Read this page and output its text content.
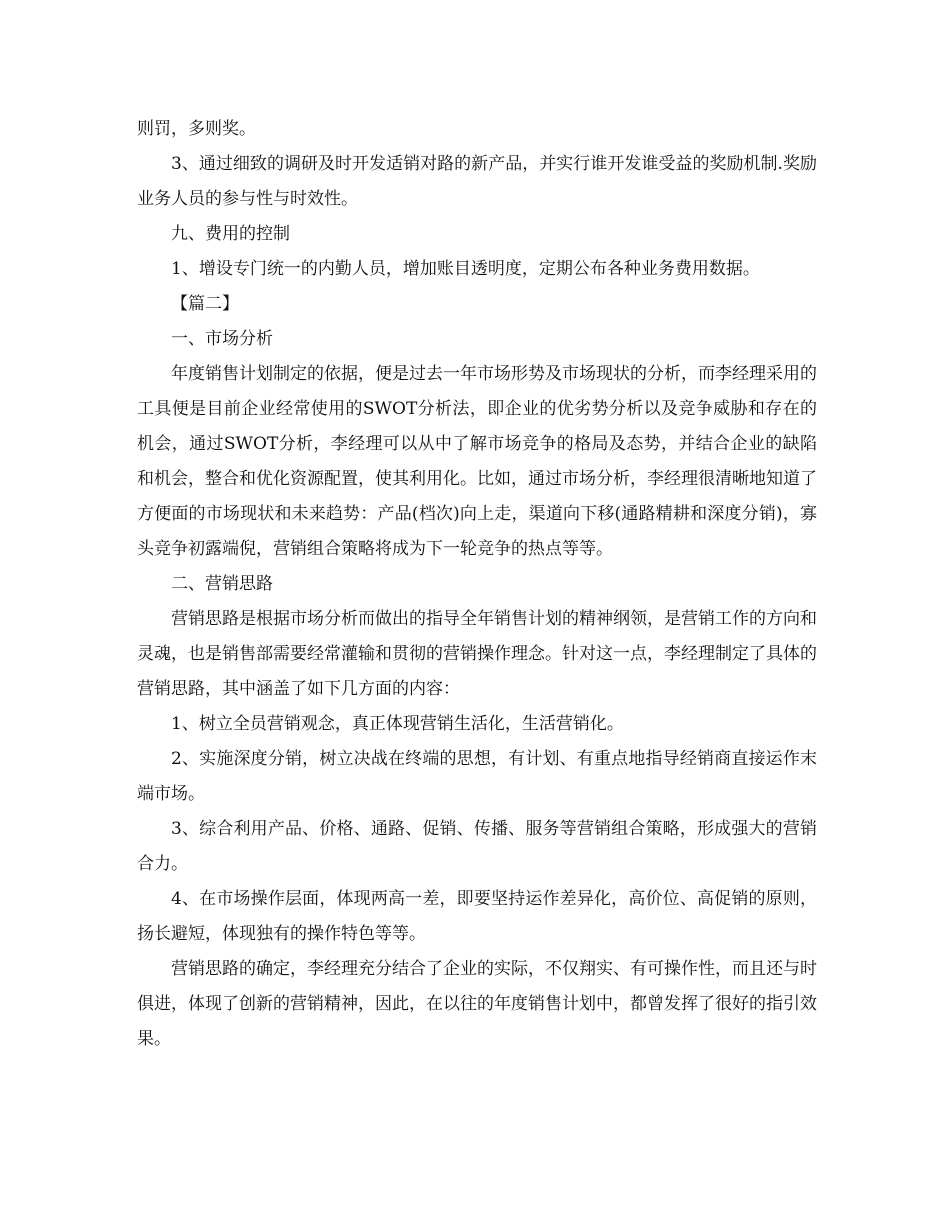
则罚，多则奖。

3、通过细致的调研及时开发适销对路的新产品，并实行谁开发谁受益的奖励机制.奖励业务人员的参与性与时效性。

九、费用的控制

1、增设专门统一的内勤人员，增加账目透明度，定期公布各种业务费用数据。

【篇二】

一、市场分析

年度销售计划制定的依据，便是过去一年市场形势及市场现状的分析，而李经理采用的工具便是目前企业经常使用的SWOT分析法，即企业的优劣势分析以及竞争威胁和存在的机会，通过SWOT分析，李经理可以从中了解市场竞争的格局及态势，并结合企业的缺陷和机会，整合和优化资源配置，使其利用化。比如，通过市场分析，李经理很清晰地知道了方便面的市场现状和未来趋势：产品(档次)向上走，渠道向下移(通路精耕和深度分销)，寡头竞争初露端倪，营销组合策略将成为下一轮竞争的热点等等。

二、营销思路

营销思路是根据市场分析而做出的指导全年销售计划的精神纲领，是营销工作的方向和灵魂，也是销售部需要经常灌输和贯彻的营销操作理念。针对这一点，李经理制定了具体的营销思路，其中涵盖了如下几方面的内容：

1、树立全员营销观念，真正体现营销生活化，生活营销化。

2、实施深度分销，树立决战在终端的思想，有计划、有重点地指导经销商直接运作末端市场。

3、综合利用产品、价格、通路、促销、传播、服务等营销组合策略，形成强大的营销合力。

4、在市场操作层面，体现两高一差，即要坚持运作差异化，高价位、高促销的原则，扬长避短，体现独有的操作特色等等。

营销思路的确定，李经理充分结合了企业的实际，不仅翔实、有可操作性，而且还与时俱进，体现了创新的营销精神，因此，在以往的年度销售计划中，都曾发挥了很好的指引效果。
